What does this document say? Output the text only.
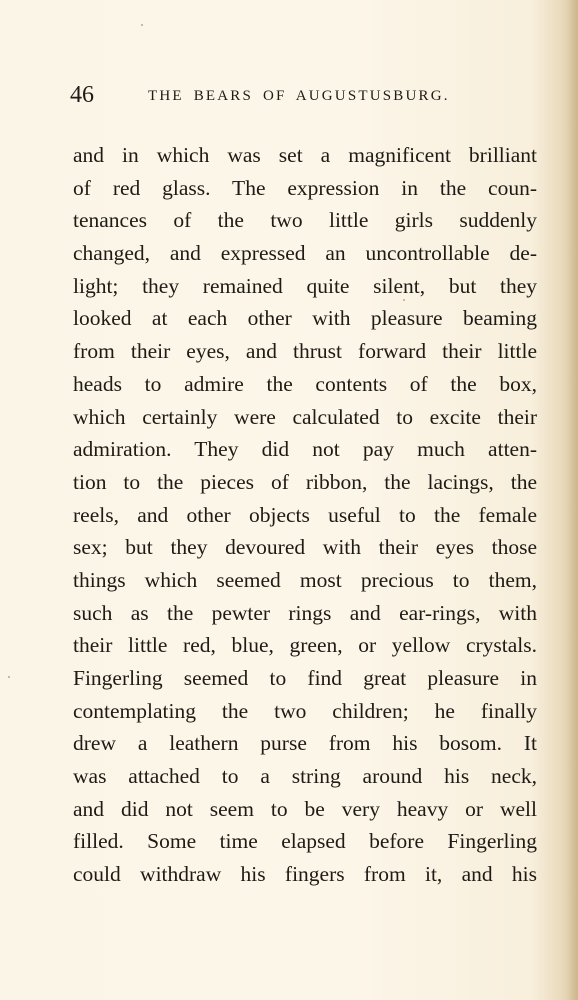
46	THE BEARS OF AUGUSTUSBURG.
and in which was set a magnificent brilliant
of red glass. The expression in the coun-
tenances of the two little girls suddenly
changed, and expressed an uncontrollable de-
light; they remained quite silent, but they
looked at each other with pleasure beaming
from their eyes, and thrust forward their little
heads to admire the contents of the box,
which certainly were calculated to excite their
admiration. They did not pay much atten-
tion to the pieces of ribbon, the lacings, the
reels, and other objects useful to the female
sex; but they devoured with their eyes those
things which seemed most precious to them,
such as the pewter rings and ear-rings, with
their little red, blue, green, or yellow crystals.
Fingerling seemed to find great pleasure in
contemplating the two children; he finally
drew a leathern purse from his bosom. It
was attached to a string around his neck,
and did not seem to be very heavy or well
filled. Some time elapsed before Fingerling
could withdraw his fingers from it, and his
